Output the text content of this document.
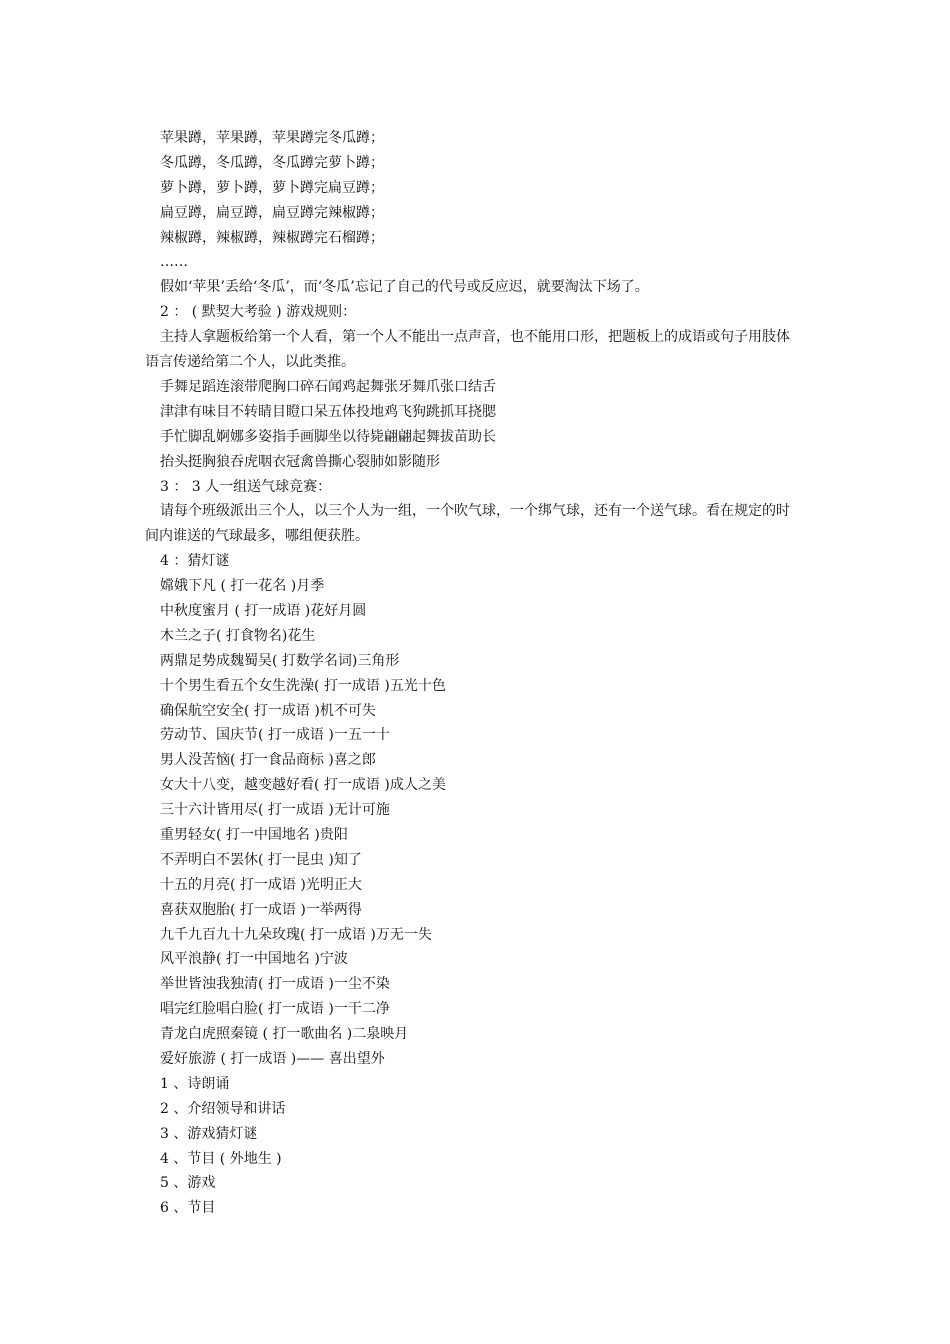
苹果蹲，苹果蹲，苹果蹲完冬瓜蹲；
冬瓜蹲，冬瓜蹲，冬瓜蹲完萝卜蹲；
萝卜蹲，萝卜蹲，萝卜蹲完扁豆蹲；
扁豆蹲，扁豆蹲，扁豆蹲完辣椒蹲；
辣椒蹲，辣椒蹲，辣椒蹲完石榴蹲；
……
假如‘苹果’丢给‘冬瓜’，而‘冬瓜’忘记了自己的代号或反应迟，就要淘汰下场了。
2 ： ( 默契大考验 ) 游戏规则：
主持人拿题板给第一个人看，第一个人不能出一点声音，也不能用口形，把题板上的成语或句子用肢体语言传递给第二个人，以此类推。
手舞足蹈连滚带爬胸口碎石闻鸡起舞张牙舞爪张口结舌
津津有味目不转睛目瞪口呆五体投地鸡飞狗跳抓耳挠腮
手忙脚乱婀娜多姿指手画脚坐以待毙翩翩起舞拔苗助长
抬头挺胸狼吞虎咽衣冠禽兽撕心裂肺如影随形
3 ： 3 人一组送气球竞赛：
请每个班级派出三个人，以三个人为一组，一个吹气球，一个绑气球，还有一个送气球。看在规定的时间内谁送的气球最多，哪组便获胜。
4 ：猜灯谜
嫦娥下凡 ( 打一花名 )月季
中秋度蜜月 ( 打一成语 )花好月圆
木兰之子( 打食物名)花生
两鼎足势成魏蜀吴( 打数学名词)三角形
十个男生看五个女生洗澡( 打一成语 )五光十色
确保航空安全( 打一成语 )机不可失
劳动节、国庆节( 打一成语 )一五一十
男人没苦恼( 打一食品商标 )喜之郎
女大十八变，越变越好看( 打一成语 )成人之美
三十六计皆用尽( 打一成语 )无计可施
重男轻女( 打一中国地名 )贵阳
不弄明白不罢休( 打一昆虫 )知了
十五的月亮( 打一成语 )光明正大
喜获双胞胎( 打一成语 )一举两得
九千九百九十九朵玫瑰( 打一成语 )万无一失
风平浪静( 打一中国地名 )宁波
举世皆浊我独清( 打一成语 )一尘不染
唱完红脸唱白脸( 打一成语 )一干二净
青龙白虎照秦镜 ( 打一歌曲名 )二泉映月
爱好旅游 ( 打一成语 )—— 喜出望外
1 、诗朗诵
2 、介绍领导和讲话
3 、游戏猜灯谜
4 、节目 ( 外地生 )
5 、游戏
6 、节目
